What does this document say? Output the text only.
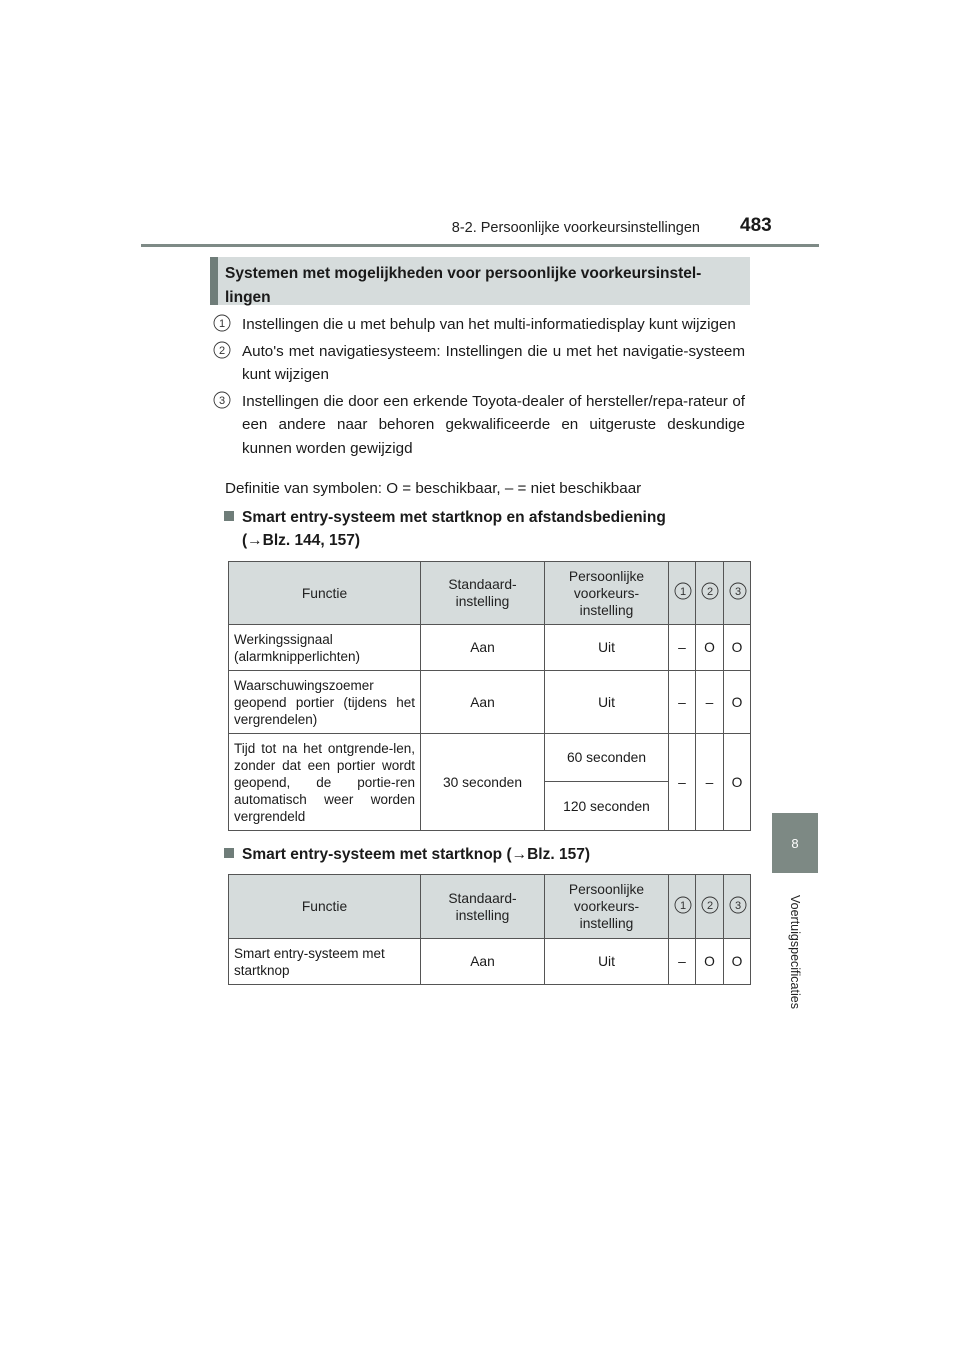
8-2. Persoonlijke voorkeursinstellingen 483
8
Voertuigspecificaties
Systemen met mogelijkheden voor persoonlijke voorkeursinstel-lingen
1 Instellingen die u met behulp van het multi-informatiedisplay kunt wijzigen
2 Auto's met navigatiesysteem: Instellingen die u met het navigatie-systeem kunt wijzigen
3 Instellingen die door een erkende Toyota-dealer of hersteller/repa-rateur of een andere naar behoren gekwalificeerde en uitgeruste deskundige kunnen worden gewijzigd
Definitie van symbolen: O = beschikbaar, – = niet beschikbaar
Smart entry-systeem met startknop en afstandsbediening
(→Blz. 144, 157)
Functie	Standaard-instelling	Persoonlijke voorkeurs-instelling	1	2	3

Werkingssignaal (alarmknipperlichten)	Aan	Uit	–	O	O
Waarschuwingszoemer geopend portier (tijdens het vergrendelen)	Aan	Uit	–	–	O
Tijd tot na het ontgrende-len, zonder dat een portier wordt geopend, de portie-ren automatisch weer worden vergrendeld	30 seconden	60 seconden	–	–	O
		120 seconden			
Smart entry-systeem met startknop (→Blz. 157)
Functie	Standaard-instelling	Persoonlijke voorkeurs-instelling	1	2	3

Smart entry-systeem met startknop	Aan	Uit	–	O	O
